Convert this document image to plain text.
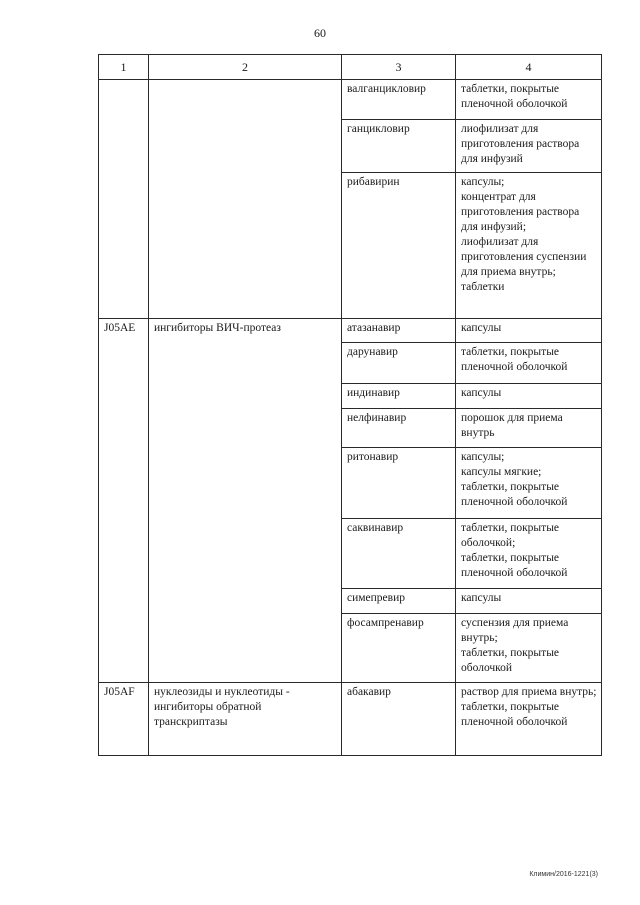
60
1	2	3	4
		валганцикловир	таблетки, покрытые пленочной оболочкой
		ганцикловир	лиофилизат для приготовления раствора для инфузий
		рибавирин	капсулы;
концентрат для приготовления раствора для инфузий;
лиофилизат для приготовления суспензии для приема внутрь;
таблетки
J05AE	ингибиторы ВИЧ-протеаз	атазанавир	капсулы
		дарунавир	таблетки, покрытые пленочной оболочкой
		индинавир	капсулы
		нелфинавир	порошок для приема внутрь
		ритонавир	капсулы;
капсулы мягкие;
таблетки, покрытые пленочной оболочкой
		саквинавир	таблетки, покрытые оболочкой;
таблетки, покрытые пленочной оболочкой
		симепревир	капсулы
		фосампренавир	суспензия для приема внутрь;
таблетки, покрытые оболочкой
J05AF	нуклеозиды и нуклеотиды - ингибиторы обратной транскриптазы	абакавир	раствор для приема внутрь;
таблетки, покрытые пленочной оболочкой
Климин/2016-1221(3)
